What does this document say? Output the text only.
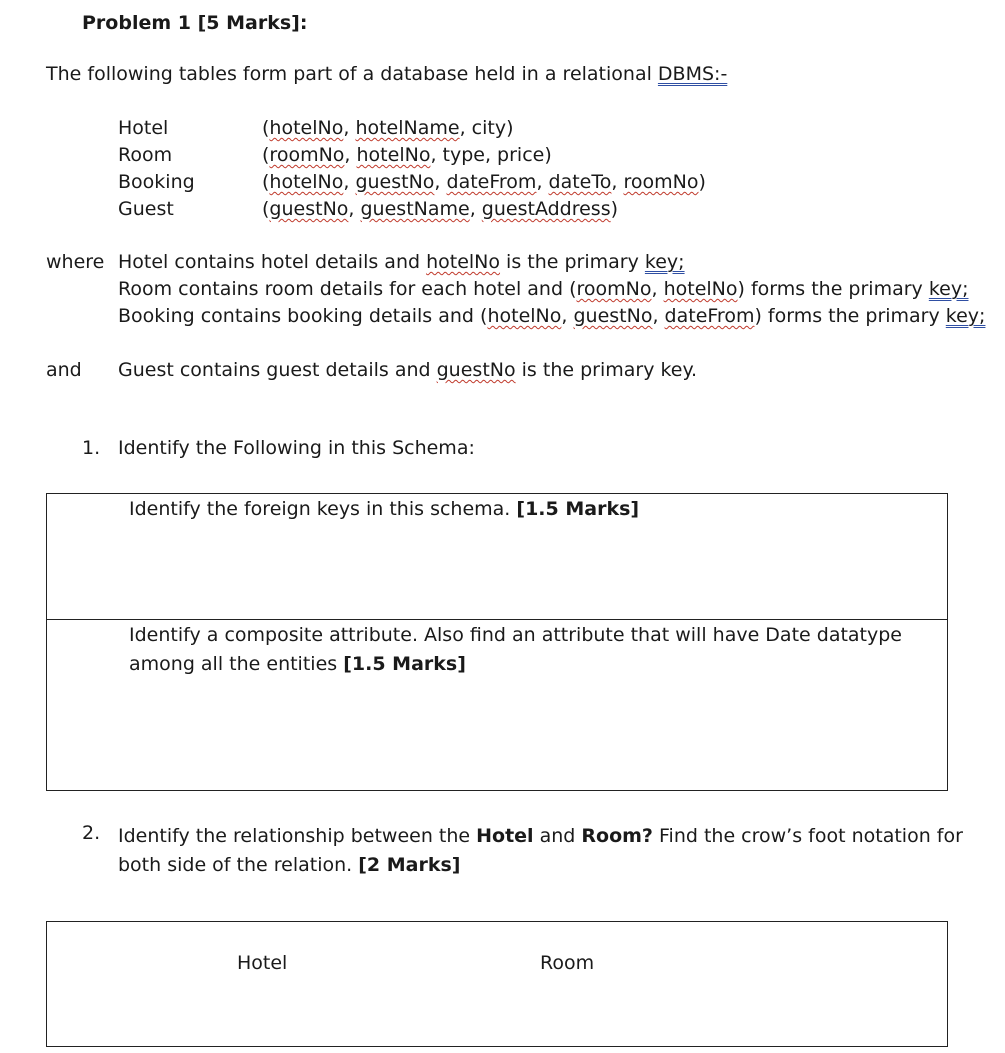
Problem 1 [5 Marks]:
The following tables form part of a database held in a relational DBMS:-
Hotel
Room
Booking
Guest
(hotelNo, hotelName, city)
(roomNo, hotelNo, type, price)
(hotelNo, guestNo, dateFrom, dateTo, roomNo)
(guestNo, guestName, guestAddress)
where Hotel contains hotel details and hotelNo is the primary key;
Room contains room details for each hotel and (roomNo, hotelNo) forms the primary key;
Booking contains booking details and (hotelNo, guestNo, dateFrom) forms the primary key;
and Guest contains guest details and guestNo is the primary key.
1. Identify the Following in this Schema:
Identify the foreign keys in this schema. [1.5 Marks]
Identify a composite attribute. Also find an attribute that will have Date datatype among all the entities [1.5 Marks]
2. Identify the relationship between the Hotel and Room? Find the crow’s foot notation for both side of the relation. [2 Marks]
Hotel	Room
